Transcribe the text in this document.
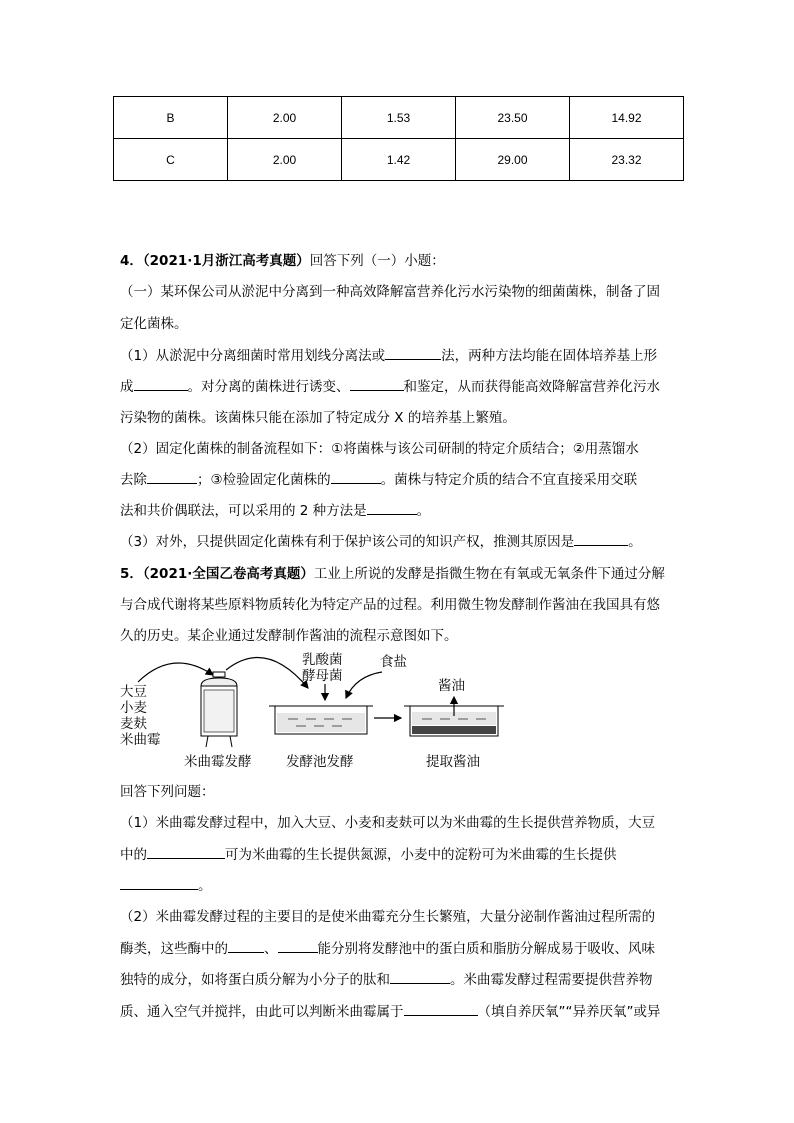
B	2.00	1.53	23.50	14.92
C	2.00	1.42	29.00	23.32
4．（2021·1月浙江高考真题）回答下列（一）小题：
（一）某环保公司从淤泥中分离到一种高效降解富营养化污水污染物的细菌菌株，制备了固
定化菌株。
（1）从淤泥中分离细菌时常用划线分离法或	法，两种方法均能在固体培养基上形
成	。对分离的菌株进行诱变、	和鉴定，从而获得能高效降解富营养化污水
污染物的菌株。该菌株只能在添加了特定成分 X 的培养基上繁殖。
（2）固定化菌株的制备流程如下：①将菌株与该公司研制的特定介质结合；②用蒸馏水
去除	；③检验固定化菌株的	。菌株与特定介质的结合不宜直接采用交联
法和共价偶联法，可以采用的 2 种方法是	。
（3）对外，只提供固定化菌株有利于保护该公司的知识产权，推测其原因是	。
5．（2021·全国乙卷高考真题）工业上所说的发酵是指微生物在有氧或无氧条件下通过分解
与合成代谢将某些原料物质转化为特定产品的过程。利用微生物发酵制作酱油在我国具有悠
久的历史。某企业通过发酵制作酱油的流程示意图如下。
大豆
小麦
麦麸
米曲霉
乳酸菌
酵母菌
食盐
酱油
米曲霉发酵	发酵池发酵	提取酱油
回答下列问题：
（1）米曲霉发酵过程中，加入大豆、小麦和麦麸可以为米曲霉的生长提供营养物质，大豆
中的	可为米曲霉的生长提供氮源，小麦中的淀粉可为米曲霉的生长提供
。
（2）米曲霉发酵过程的主要目的是使米曲霉充分生长繁殖，大量分泌制作酱油过程所需的
酶类，这些酶中的	、	能分别将发酵池中的蛋白质和脂肪分解成易于吸收、风味
独特的成分，如将蛋白质分解为小分子的肽和	。米曲霉发酵过程需要提供营养物
质、通入空气并搅拌，由此可以判断米曲霉属于	（填自养厌氧”“异养厌氧”或异
